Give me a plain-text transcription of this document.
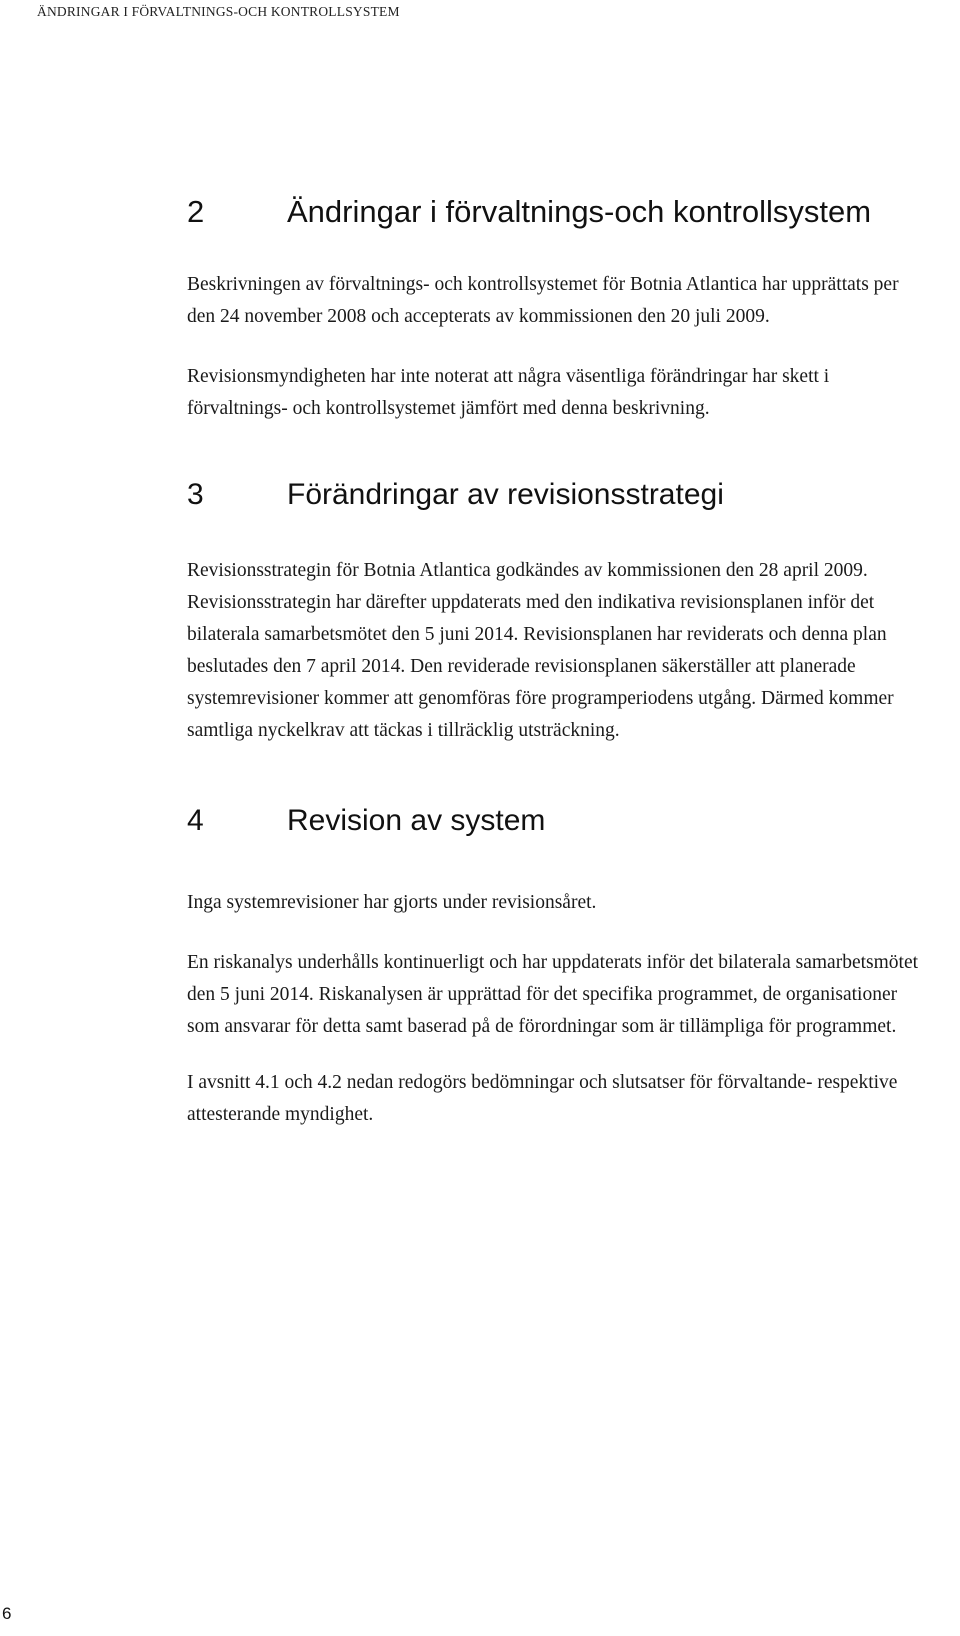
ÄNDRINGAR I FÖRVALTNINGS-OCH KONTROLLSYSTEM
2	Ändringar i förvaltnings-och kontrollsystem

Beskrivningen av förvaltnings- och kontrollsystemet för Botnia Atlantica har upprättats per den 24 november 2008 och accepterats av kommissionen den 20 juli 2009.

Revisionsmyndigheten har inte noterat att några väsentliga förändringar har skett i förvaltnings- och kontrollsystemet jämfört med denna beskrivning.

3	Förändringar av revisionsstrategi

Revisionsstrategin för Botnia Atlantica godkändes av kommissionen den 28 april 2009. Revisionsstrategin har därefter uppdaterats med den indikativa revisionsplanen inför det bilaterala samarbetsmötet den 5 juni 2014. Revisionsplanen har reviderats och denna plan beslutades den 7 april 2014. Den reviderade revisionsplanen säkerställer att planerade systemrevisioner kommer att genomföras före programperiodens utgång. Därmed kommer samtliga nyckelkrav att täckas i tillräcklig utsträckning.

4	Revision av system

Inga systemrevisioner har gjorts under revisionsåret.

En riskanalys underhålls kontinuerligt och har uppdaterats inför det bilaterala samarbetsmötet den 5 juni 2014. Riskanalysen är upprättad för det specifika programmet, de organisationer som ansvarar för detta samt baserad på de förordningar som är tillämpliga för programmet.

I avsnitt 4.1 och 4.2 nedan redogörs bedömningar och slutsatser för förvaltande- respektive attesterande myndighet.

6
